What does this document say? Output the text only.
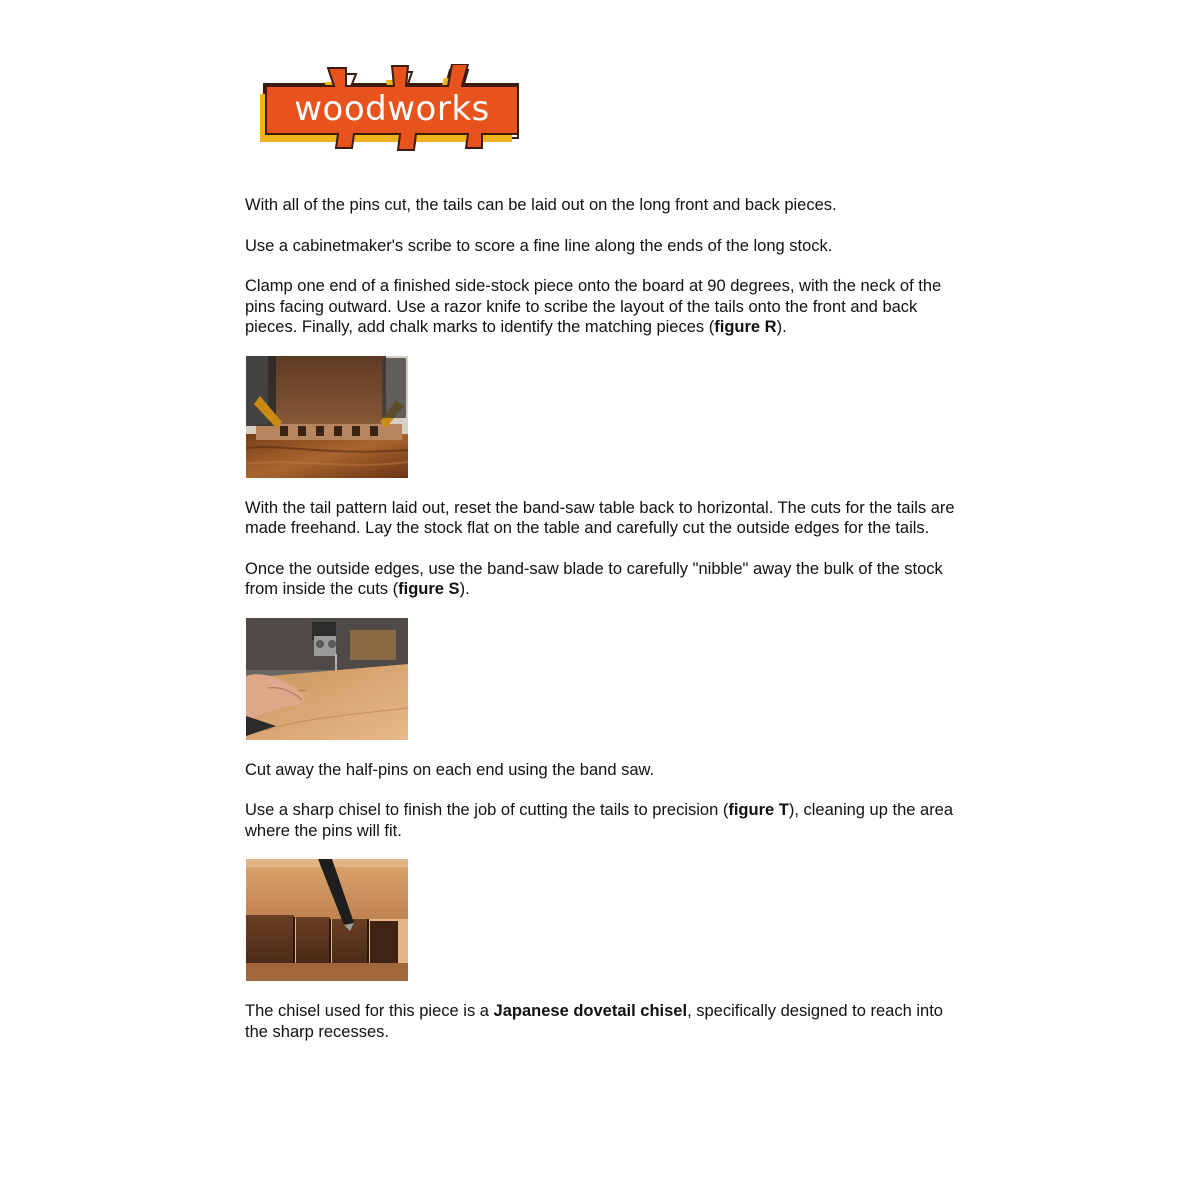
woodworks

With all of the pins cut, the tails can be laid out on the long front and back pieces.

Use a cabinetmaker's scribe to score a fine line along the ends of the long stock.

Clamp one end of a finished side-stock piece onto the board at 90 degrees, with the neck of the pins facing outward. Use a razor knife to scribe the layout of the tails onto the front and back pieces. Finally, add chalk marks to identify the matching pieces (figure R).

With the tail pattern laid out, reset the band-saw table back to horizontal. The cuts for the tails are made freehand. Lay the stock flat on the table and carefully cut the outside edges for the tails.

Once the outside edges, use the band-saw blade to carefully "nibble" away the bulk of the stock from inside the cuts (figure S).

Cut away the half-pins on each end using the band saw.

Use a sharp chisel to finish the job of cutting the tails to precision (figure T), cleaning up the area where the pins will fit.

The chisel used for this piece is a Japanese dovetail chisel, specifically designed to reach into the sharp recesses.
